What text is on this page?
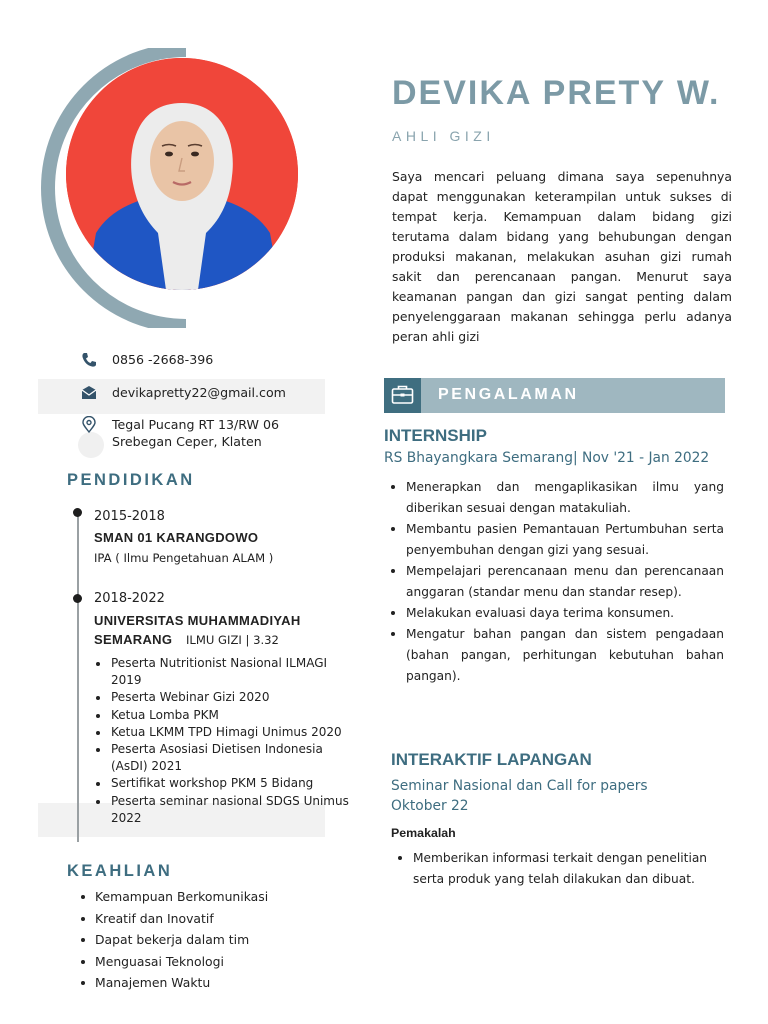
DEVIKA PRETY W.
AHLI GIZI

Saya mencari peluang dimana saya sepenuhnya dapat menggunakan keterampilan untuk sukses di tempat kerja. Kemampuan dalam bidang gizi terutama dalam bidang yang behubungan dengan produksi makanan, melakukan asuhan gizi rumah sakit dan perencanaan pangan. Menurut saya keamanan pangan dan gizi sangat penting dalam penyelenggaraan makanan sehingga perlu adanya peran ahli gizi

0856 -2668-396
devikapretty22@gmail.com
Tegal Pucang RT 13/RW 06
Srebegan Ceper, Klaten
PENDIDIKAN
2015-2018
SMAN 01 KARANGDOWO
IPA ( Ilmu Pengetahuan ALAM )
2018-2022
UNIVERSITAS MUHAMMADIYAH
SEMARANG ILMU GIZI | 3.32
Peserta Nutritionist Nasional ILMAGI 2019
Peserta Webinar Gizi 2020
Ketua Lomba PKM
Ketua LKMM TPD Himagi Unimus 2020
Peserta Asosiasi Dietisen Indonesia (AsDI) 2021
Sertifikat workshop PKM 5 Bidang
Peserta seminar nasional SDGS Unimus 2022
KEAHLIAN
Kemampuan Berkomunikasi
Kreatif dan Inovatif
Dapat bekerja dalam tim
Menguasai Teknologi
Manajemen Waktu
PENGALAMAN
INTERNSHIP
RS Bhayangkara Semarang| Nov '21 - Jan 2022
Menerapkan dan mengaplikasikan ilmu yang diberikan sesuai dengan matakuliah.
Membantu pasien Pemantauan Pertumbuhan serta penyembuhan dengan gizi yang sesuai.
Mempelajari perencanaan menu dan perencanaan anggaran (standar menu dan standar resep).
Melakukan evaluasi daya terima konsumen.
Mengatur bahan pangan dan sistem pengadaan (bahan pangan, perhitungan kebutuhan bahan pangan).
INTERAKTIF LAPANGAN
Seminar Nasional dan Call for papers
Oktober 22
Pemakalah
Memberikan informasi terkait dengan penelitian serta produk yang telah dilakukan dan dibuat.
